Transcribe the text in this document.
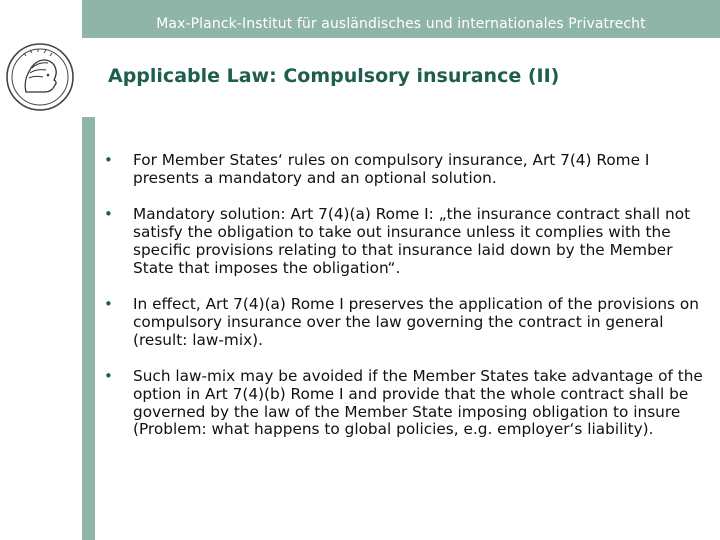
Max-Planck-Institut für ausländisches und internationales Privatrecht
Applicable Law: Compulsory insurance (II)
• For Member States‘ rules on compulsory insurance, Art 7(4) Rome I presents a mandatory and an optional solution.
• Mandatory solution: Art 7(4)(a) Rome I: „the insurance contract shall not satisfy the obligation to take out insurance unless it complies with the specific provisions relating to that insurance laid down by the Member State that imposes the obligation“.
• In effect, Art 7(4)(a) Rome I preserves the application of the provisions on compulsory insurance over the law governing the contract in general (result: law-mix).
• Such law-mix may be avoided if the Member States take advantage of the option in Art 7(4)(b) Rome I and provide that the whole contract shall be governed by the law of the Member State imposing obligation to insure (Problem: what happens to global policies, e.g. employer‘s liability).
